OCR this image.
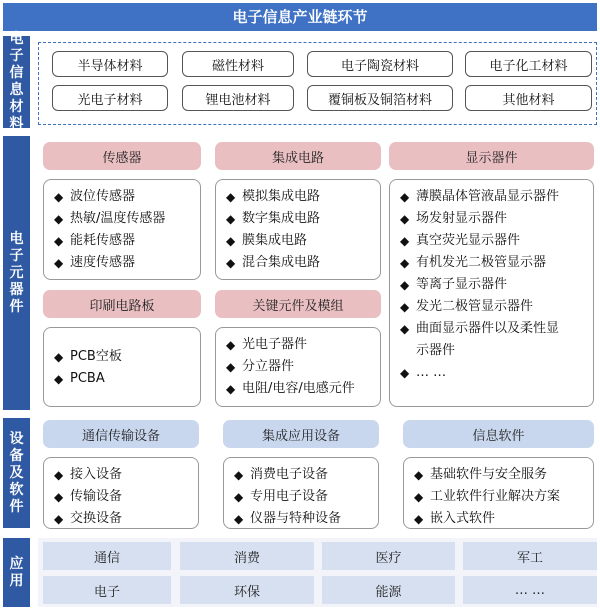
电子信息产业链环节
电
子
信
息
材
料
半导体材料	磁性材料	电子陶瓷材料	电子化工材料
光电子材料	锂电池材料	覆铜板及铜箔材料	其他材料
电
子
元
器
件
传感器
◆ 波位传感器
◆ 热敏/温度传感器
◆ 能耗传感器
◆ 速度传感器
集成电路
◆ 模拟集成电路
◆ 数字集成电路
◆ 膜集成电路
◆ 混合集成电路
显示器件
◆ 薄膜晶体管液晶显示器件
◆ 场发射显示器件
◆ 真空荧光显示器件
◆ 有机发光二极管显示器
◆ 等离子显示器件
◆ 发光二极管显示器件
◆ 曲面显示器件以及柔性显
示器件
◆ … …
印刷电路板
◆ PCB空板
◆ PCBA
关键元件及模组
◆ 光电子器件
◆ 分立器件
◆ 电阻/电容/电感元件
设
备
及
软
件
通信传输设备
◆ 接入设备
◆ 传输设备
◆ 交换设备
集成应用设备
◆ 消费电子设备
◆ 专用电子设备
◆ 仪器与特种设备
信息软件
◆ 基础软件与安全服务
◆ 工业软件行业解决方案
◆ 嵌入式软件
应
用
通信	消费	医疗	军工
电子	环保	能源	… …
